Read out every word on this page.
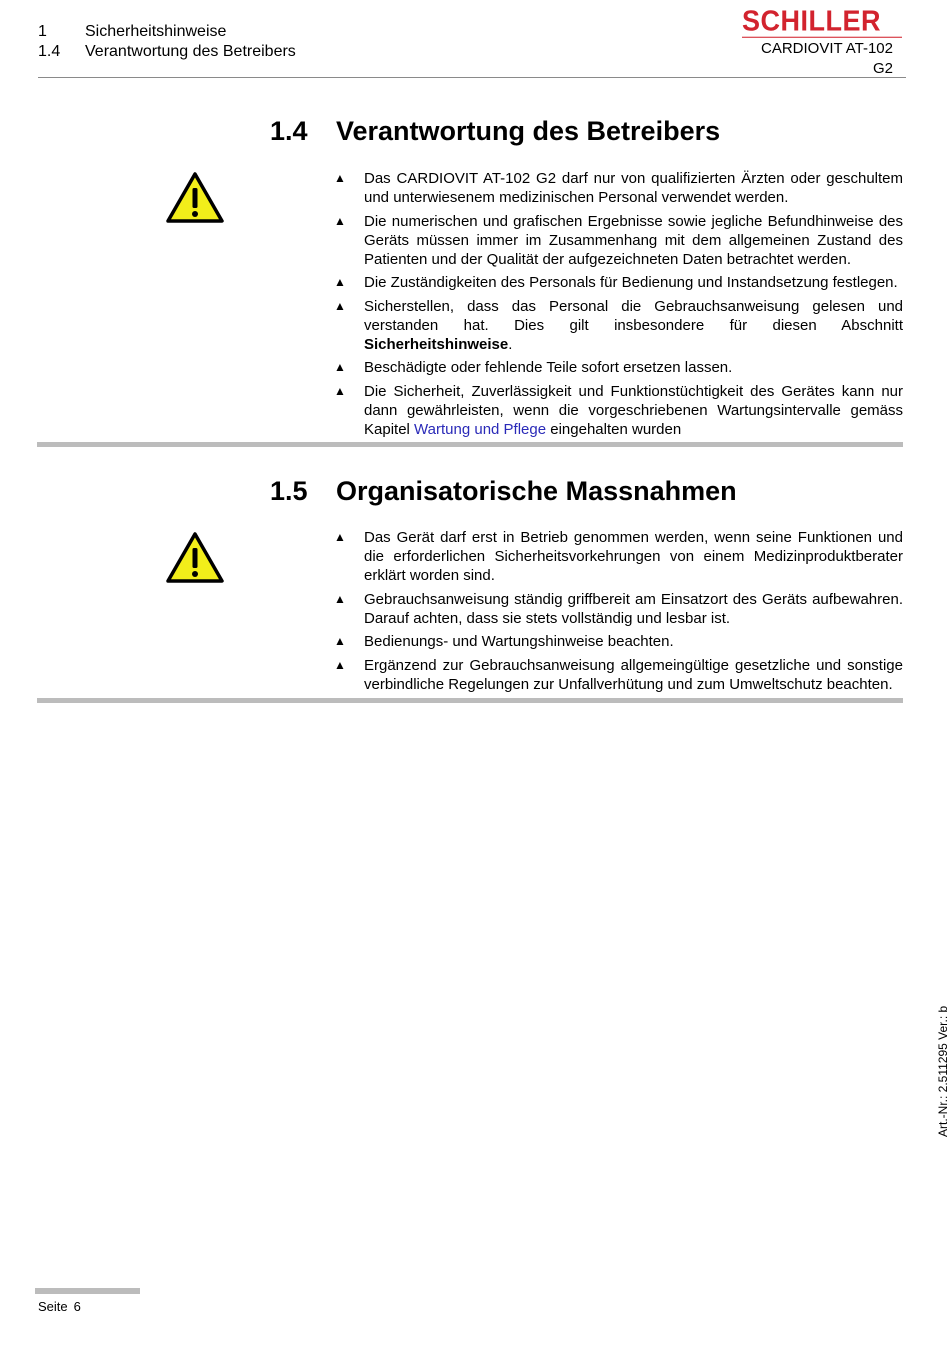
1	Sicherheitshinweise
1.4	Verantwortung des Betreibers
SCHILLER
CARDIOVIT AT-102 G2
1.4 Verantwortung des Betreibers
▲ Das CARDIOVIT AT-102 G2 darf nur von qualifizierten Ärzten oder geschultem und unterwiesenem medizinischen Personal verwendet werden.
▲ Die numerischen und grafischen Ergebnisse sowie jegliche Befundhinweise des Geräts müssen immer im Zusammenhang mit dem allgemeinen Zustand des Patienten und der Qualität der aufgezeichneten Daten betrachtet werden.
▲ Die Zuständigkeiten des Personals für Bedienung und Instandsetzung festlegen.
▲ Sicherstellen, dass das Personal die Gebrauchsanweisung gelesen und verstanden hat. Dies gilt insbesondere für diesen Abschnitt Sicherheitshinweise.
▲ Beschädigte oder fehlende Teile sofort ersetzen lassen.
▲ Die Sicherheit, Zuverlässigkeit und Funktionstüchtigkeit des Gerätes kann nur dann gewährleisten, wenn die vorgeschriebenen Wartungsintervalle gemäss Kapitel Wartung und Pflege eingehalten wurden
1.5 Organisatorische Massnahmen
▲ Das Gerät darf erst in Betrieb genommen werden, wenn seine Funktionen und die erforderlichen Sicherheitsvorkehrungen von einem Medizinproduktberater erklärt worden sind.
▲ Gebrauchsanweisung ständig griffbereit am Einsatzort des Geräts aufbewahren. Darauf achten, dass sie stets vollständig und lesbar ist.
▲ Bedienungs- und Wartungshinweise beachten.
▲ Ergänzend zur Gebrauchsanweisung allgemeingültige gesetzliche und sonstige verbindliche Regelungen zur Unfallverhütung und zum Umweltschutz beachten.
Art.-Nr.: 2.511295 Ver.: b
Seite 6
